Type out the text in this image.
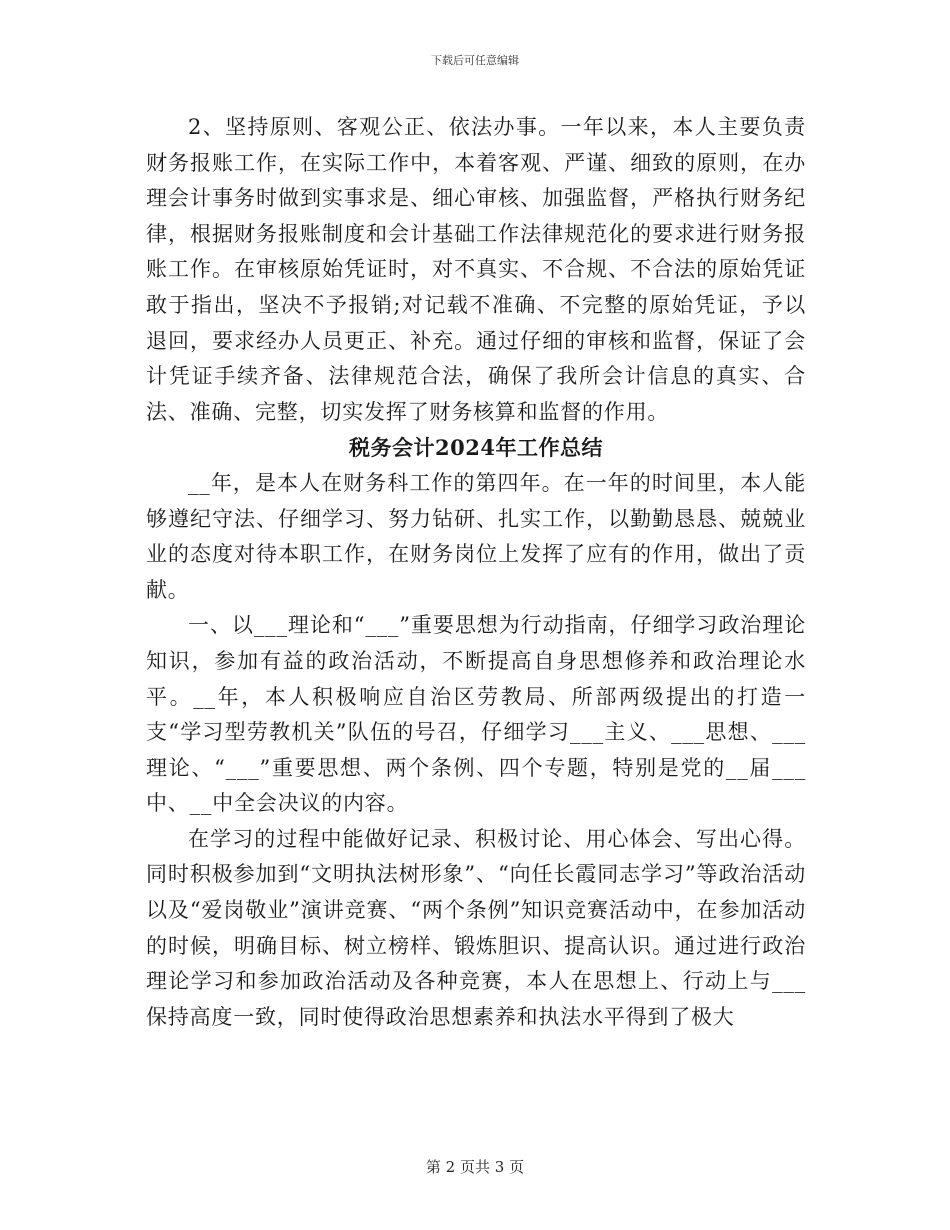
下载后可任意编辑

2、坚持原则、客观公正、依法办事。一年以来，本人主要负责财务报账工作，在实际工作中，本着客观、严谨、细致的原则，在办理会计事务时做到实事求是、细心审核、加强监督，严格执行财务纪律，根据财务报账制度和会计基础工作法律规范化的要求进行财务报账工作。在审核原始凭证时，对不真实、不合规、不合法的原始凭证敢于指出，坚决不予报销;对记载不准确、不完整的原始凭证，予以退回，要求经办人员更正、补充。通过仔细的审核和监督，保证了会计凭证手续齐备、法律规范合法，确保了我所会计信息的真实、合法、准确、完整，切实发挥了财务核算和监督的作用。

税务会计2024年工作总结

__年，是本人在财务科工作的第四年。在一年的时间里，本人能够遵纪守法、仔细学习、努力钻研、扎实工作，以勤勤恳恳、兢兢业业的态度对待本职工作，在财务岗位上发挥了应有的作用，做出了贡献。

一、以___理论和“___”重要思想为行动指南，仔细学习政治理论知识，参加有益的政治活动，不断提高自身思想修养和政治理论水平。__年，本人积极响应自治区劳教局、所部两级提出的打造一支“学习型劳教机关”队伍的号召，仔细学习___主义、___思想、___理论、“___”重要思想、两个条例、四个专题，特别是党的__届___中、__中全会决议的内容。

在学习的过程中能做好记录、积极讨论、用心体会、写出心得。同时积极参加到“文明执法树形象”、“向任长霞同志学习”等政治活动以及“爱岗敬业”演讲竞赛、“两个条例”知识竞赛活动中，在参加活动的时候，明确目标、树立榜样、锻炼胆识、提高认识。通过进行政治理论学习和参加政治活动及各种竞赛，本人在思想上、行动上与___保持高度一致，同时使得政治思想素养和执法水平得到了极大

第 2 页共 3 页
